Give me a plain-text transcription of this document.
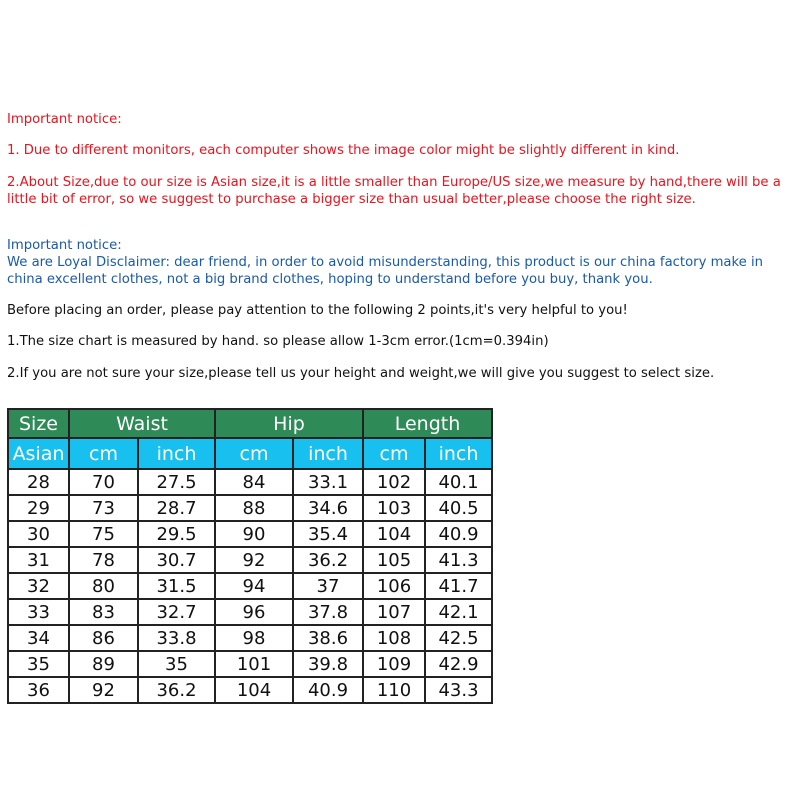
Important notice:
1. Due to different monitors, each computer shows the image color might be slightly different in kind.
2.About Size,due to our size is Asian size,it is a little smaller than Europe/US size,we measure by hand,there will be a little bit of error, so we suggest to purchase a bigger size than usual better,please choose the right size.
Important notice:
We are Loyal Disclaimer: dear friend, in order to avoid misunderstanding, this product is our china factory make in china excellent clothes, not a big brand clothes, hoping to understand before you buy, thank you.
Before placing an order, please pay attention to the following 2 points,it's very helpful to you!
1.The size chart is measured by hand. so please allow 1-3cm error.(1cm=0.394in)
2.If you are not sure your size,please tell us your height and weight,we will give you suggest to select size.
Size	Waist		Hip		Length	
Asian	cm	inch	cm	inch	cm	inch
28	70	27.5	84	33.1	102	40.1
29	73	28.7	88	34.6	103	40.5
30	75	29.5	90	35.4	104	40.9
31	78	30.7	92	36.2	105	41.3
32	80	31.5	94	37	106	41.7
33	83	32.7	96	37.8	107	42.1
34	86	33.8	98	38.6	108	42.5
35	89	35	101	39.8	109	42.9
36	92	36.2	104	40.9	110	43.3
